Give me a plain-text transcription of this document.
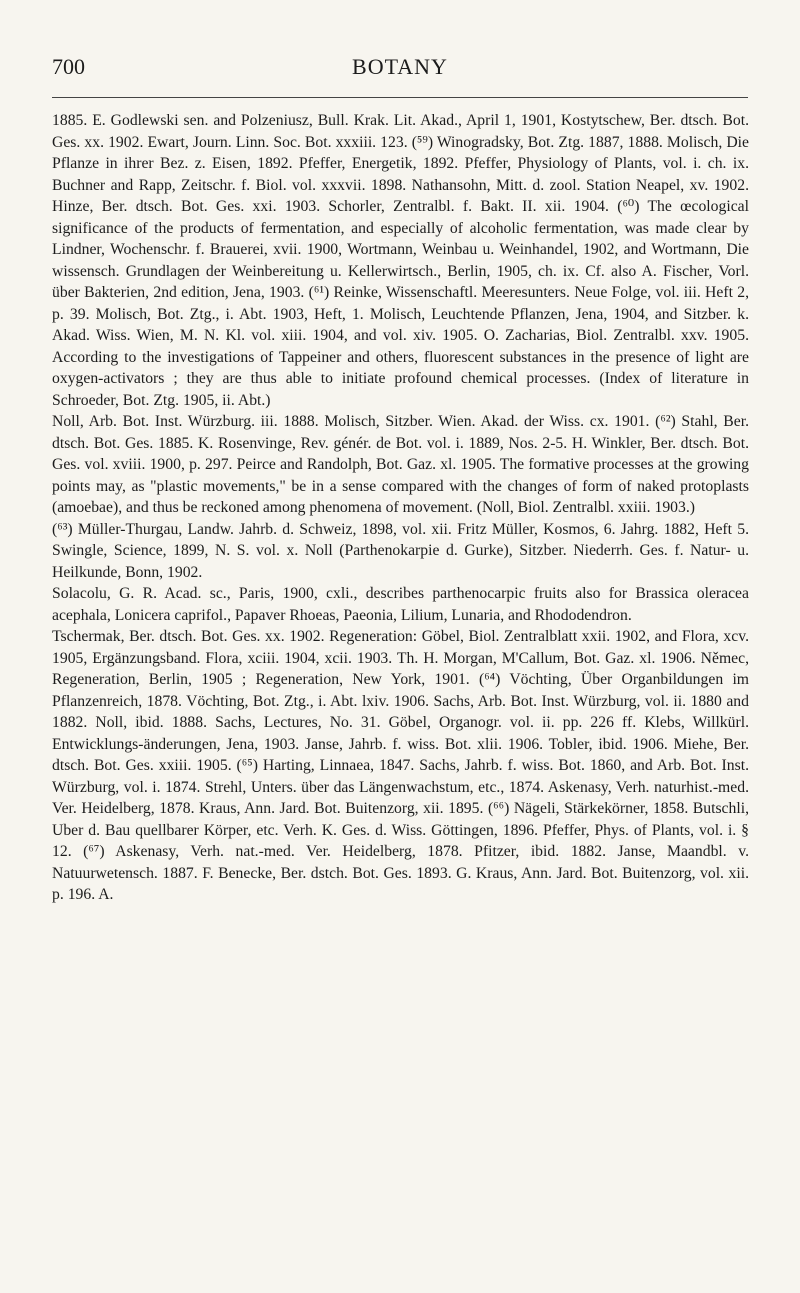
700	BOTANY

1885. E. Godlewski sen. and Polzeniusz, Bull. Krak. Lit. Akad., April 1, 1901, Kostytschew, Ber. dtsch. Bot. Ges. xx. 1902. Ewart, Journ. Linn. Soc. Bot. xxxiii. 123. (⁵⁹) Winogradsky, Bot. Ztg. 1887, 1888. Molisch, Die Pflanze in ihrer Bez. z. Eisen, 1892. Pfeffer, Energetik, 1892. Pfeffer, Physiology of Plants, vol. i. ch. ix. Buchner and Rapp, Zeitschr. f. Biol. vol. xxxvii. 1898. Nathansohn, Mitt. d. zool. Station Neapel, xv. 1902. Hinze, Ber. dtsch. Bot. Ges. xxi. 1903. Schorler, Zentralbl. f. Bakt. II. xii. 1904. (⁶⁰) The œcological significance of the products of fermentation, and especially of alcoholic fermentation, was made clear by Lindner, Wochenschr. f. Brauerei, xvii. 1900, Wortmann, Weinbau u. Weinhandel, 1902, and Wortmann, Die wissensch. Grundlagen der Weinbereitung u. Kellerwirtsch., Berlin, 1905, ch. ix. Cf. also A. Fischer, Vorl. über Bakterien, 2nd edition, Jena, 1903. (⁶¹) Reinke, Wissenschaftl. Meeresunters. Neue Folge, vol. iii. Heft 2, p. 39. Molisch, Bot. Ztg., i. Abt. 1903, Heft, 1. Molisch, Leuchtende Pflanzen, Jena, 1904, and Sitzber. k. Akad. Wiss. Wien, M. N. Kl. vol. xiii. 1904, and vol. xiv. 1905. O. Zacharias, Biol. Zentralbl. xxv. 1905. According to the investigations of Tappeiner and others, fluorescent substances in the presence of light are oxygen-activators ; they are thus able to initiate profound chemical processes. (Index of literature in Schroeder, Bot. Ztg. 1905, ii. Abt.)

Noll, Arb. Bot. Inst. Würzburg. iii. 1888. Molisch, Sitzber. Wien. Akad. der Wiss. cx. 1901. (⁶²) Stahl, Ber. dtsch. Bot. Ges. 1885. K. Rosenvinge, Rev. génér. de Bot. vol. i. 1889, Nos. 2-5. H. Winkler, Ber. dtsch. Bot. Ges. vol. xviii. 1900, p. 297. Peirce and Randolph, Bot. Gaz. xl. 1905. The formative processes at the growing points may, as "plastic movements," be in a sense compared with the changes of form of naked protoplasts (amoebae), and thus be reckoned among phenomena of movement. (Noll, Biol. Zentralbl. xxiii. 1903.)

(⁶³) Müller-Thurgau, Landw. Jahrb. d. Schweiz, 1898, vol. xii. Fritz Müller, Kosmos, 6. Jahrg. 1882, Heft 5. Swingle, Science, 1899, N. S. vol. x. Noll (Parthenokarpie d. Gurke), Sitzber. Niederrh. Ges. f. Natur- u. Heilkunde, Bonn, 1902.

Solacolu, G. R. Acad. sc., Paris, 1900, cxli., describes parthenocarpic fruits also for Brassica oleracea acephala, Lonicera caprifol., Papaver Rhoeas, Paeonia, Lilium, Lunaria, and Rhododendron.

Tschermak, Ber. dtsch. Bot. Ges. xx. 1902. Regeneration: Göbel, Biol. Zentralblatt xxii. 1902, and Flora, xcv. 1905, Ergänzungsband. Flora, xciii. 1904, xcii. 1903. Th. H. Morgan, M'Callum, Bot. Gaz. xl. 1906. Němec, Regeneration, Berlin, 1905 ; Regeneration, New York, 1901. (⁶⁴) Vöchting, Über Organbildungen im Pflanzenreich, 1878. Vöchting, Bot. Ztg., i. Abt. lxiv. 1906. Sachs, Arb. Bot. Inst. Würzburg, vol. ii. 1880 and 1882. Noll, ibid. 1888. Sachs, Lectures, No. 31. Göbel, Organogr. vol. ii. pp. 226 ff. Klebs, Willkürl. Entwicklungs-änderungen, Jena, 1903. Janse, Jahrb. f. wiss. Bot. xlii. 1906. Tobler, ibid. 1906. Miehe, Ber. dtsch. Bot. Ges. xxiii. 1905. (⁶⁵) Harting, Linnaea, 1847. Sachs, Jahrb. f. wiss. Bot. 1860, and Arb. Bot. Inst. Würzburg, vol. i. 1874. Strehl, Unters. über das Längenwachstum, etc., 1874. Askenasy, Verh. naturhist.-med. Ver. Heidelberg, 1878. Kraus, Ann. Jard. Bot. Buitenzorg, xii. 1895. (⁶⁶) Nägeli, Stärkekörner, 1858. Butschli, Uber d. Bau quellbarer Körper, etc. Verh. K. Ges. d. Wiss. Göttingen, 1896. Pfeffer, Phys. of Plants, vol. i. § 12. (⁶⁷) Askenasy, Verh. nat.-med. Ver. Heidelberg, 1878. Pfitzer, ibid. 1882. Janse, Maandbl. v. Natuurwetensch. 1887. F. Benecke, Ber. dstch. Bot. Ges. 1893. G. Kraus, Ann. Jard. Bot. Buitenzorg, vol. xii. p. 196. A.
